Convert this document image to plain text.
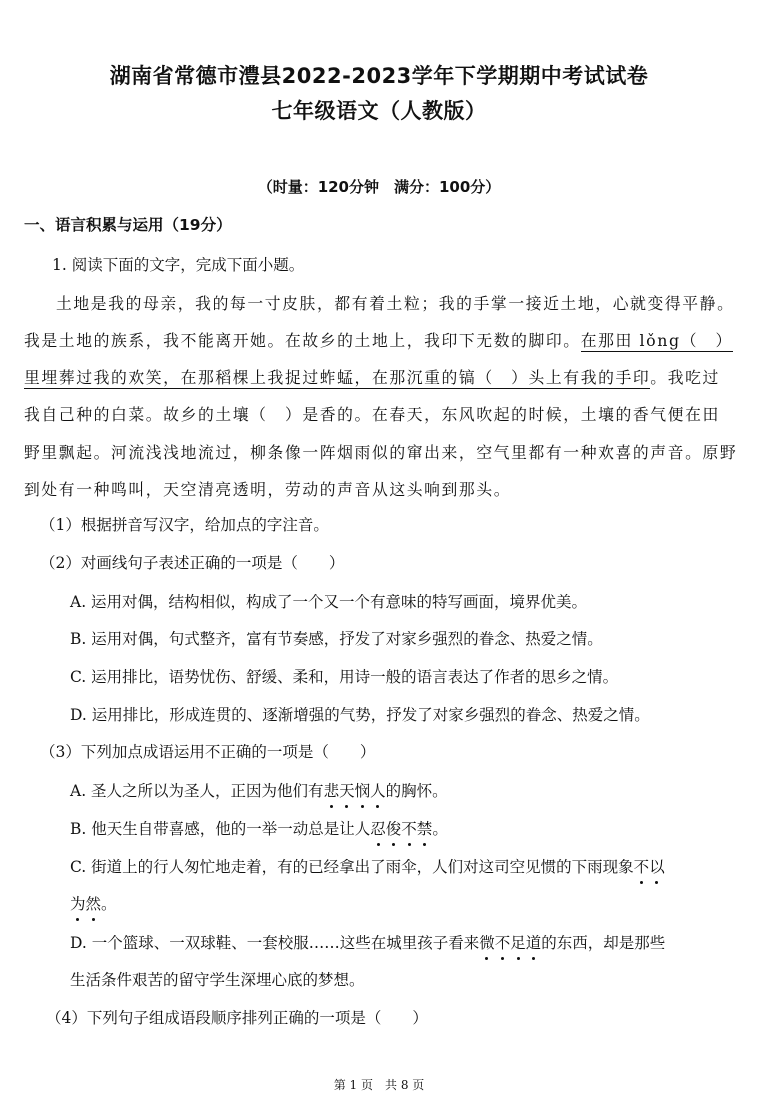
湖南省常德市澧县2022-2023学年下学期期中考试试卷
七年级语文（人教版）
（时量：120分钟　满分：100分）
一、语言积累与运用（19分）
1. 阅读下面的文字，完成下面小题。
土地是我的母亲，我的每一寸皮肤，都有着土粒；我的手掌一接近土地，心就变得平静。
我是土地的族系，我不能离开她。在故乡的土地上，我印下无数的脚印。在那田 lǒng（　）
里埋葬过我的欢笑，在那稻棵上我捉过蚱蜢，在那沉重的镐（　）头上有我的手印。我吃过
我自己种的白菜。故乡的土壤（　）是香的。在春天，东风吹起的时候，土壤的香气便在田
野里飘起。河流浅浅地流过，柳条像一阵烟雨似的窜出来，空气里都有一种欢喜的声音。原野
到处有一种鸣叫，天空清亮透明，劳动的声音从这头响到那头。
（1）根据拼音写汉字，给加点的字注音。
（2）对画线句子表述正确的一项是（　　）
A. 运用对偶，结构相似，构成了一个又一个有意味的特写画面，境界优美。
B. 运用对偶，句式整齐，富有节奏感，抒发了对家乡强烈的眷念、热爱之情。
C. 运用排比，语势忧伤、舒缓、柔和，用诗一般的语言表达了作者的思乡之情。
D. 运用排比，形成连贯的、逐渐增强的气势，抒发了对家乡强烈的眷念、热爱之情。
（3）下列加点成语运用不正确的一项是（　　）
A. 圣人之所以为圣人，正因为他们有悲天悯人的胸怀。
B. 他天生自带喜感，他的一举一动总是让人忍俊不禁。
C. 街道上的行人匆忙地走着，有的已经拿出了雨伞，人们对这司空见惯的下雨现象不以
为然。
D. 一个篮球、一双球鞋、一套校服……这些在城里孩子看来微不足道的东西，却是那些
生活条件艰苦的留守学生深埋心底的梦想。
（4）下列句子组成语段顺序排列正确的一项是（　　）
第 1 页　共 8 页
